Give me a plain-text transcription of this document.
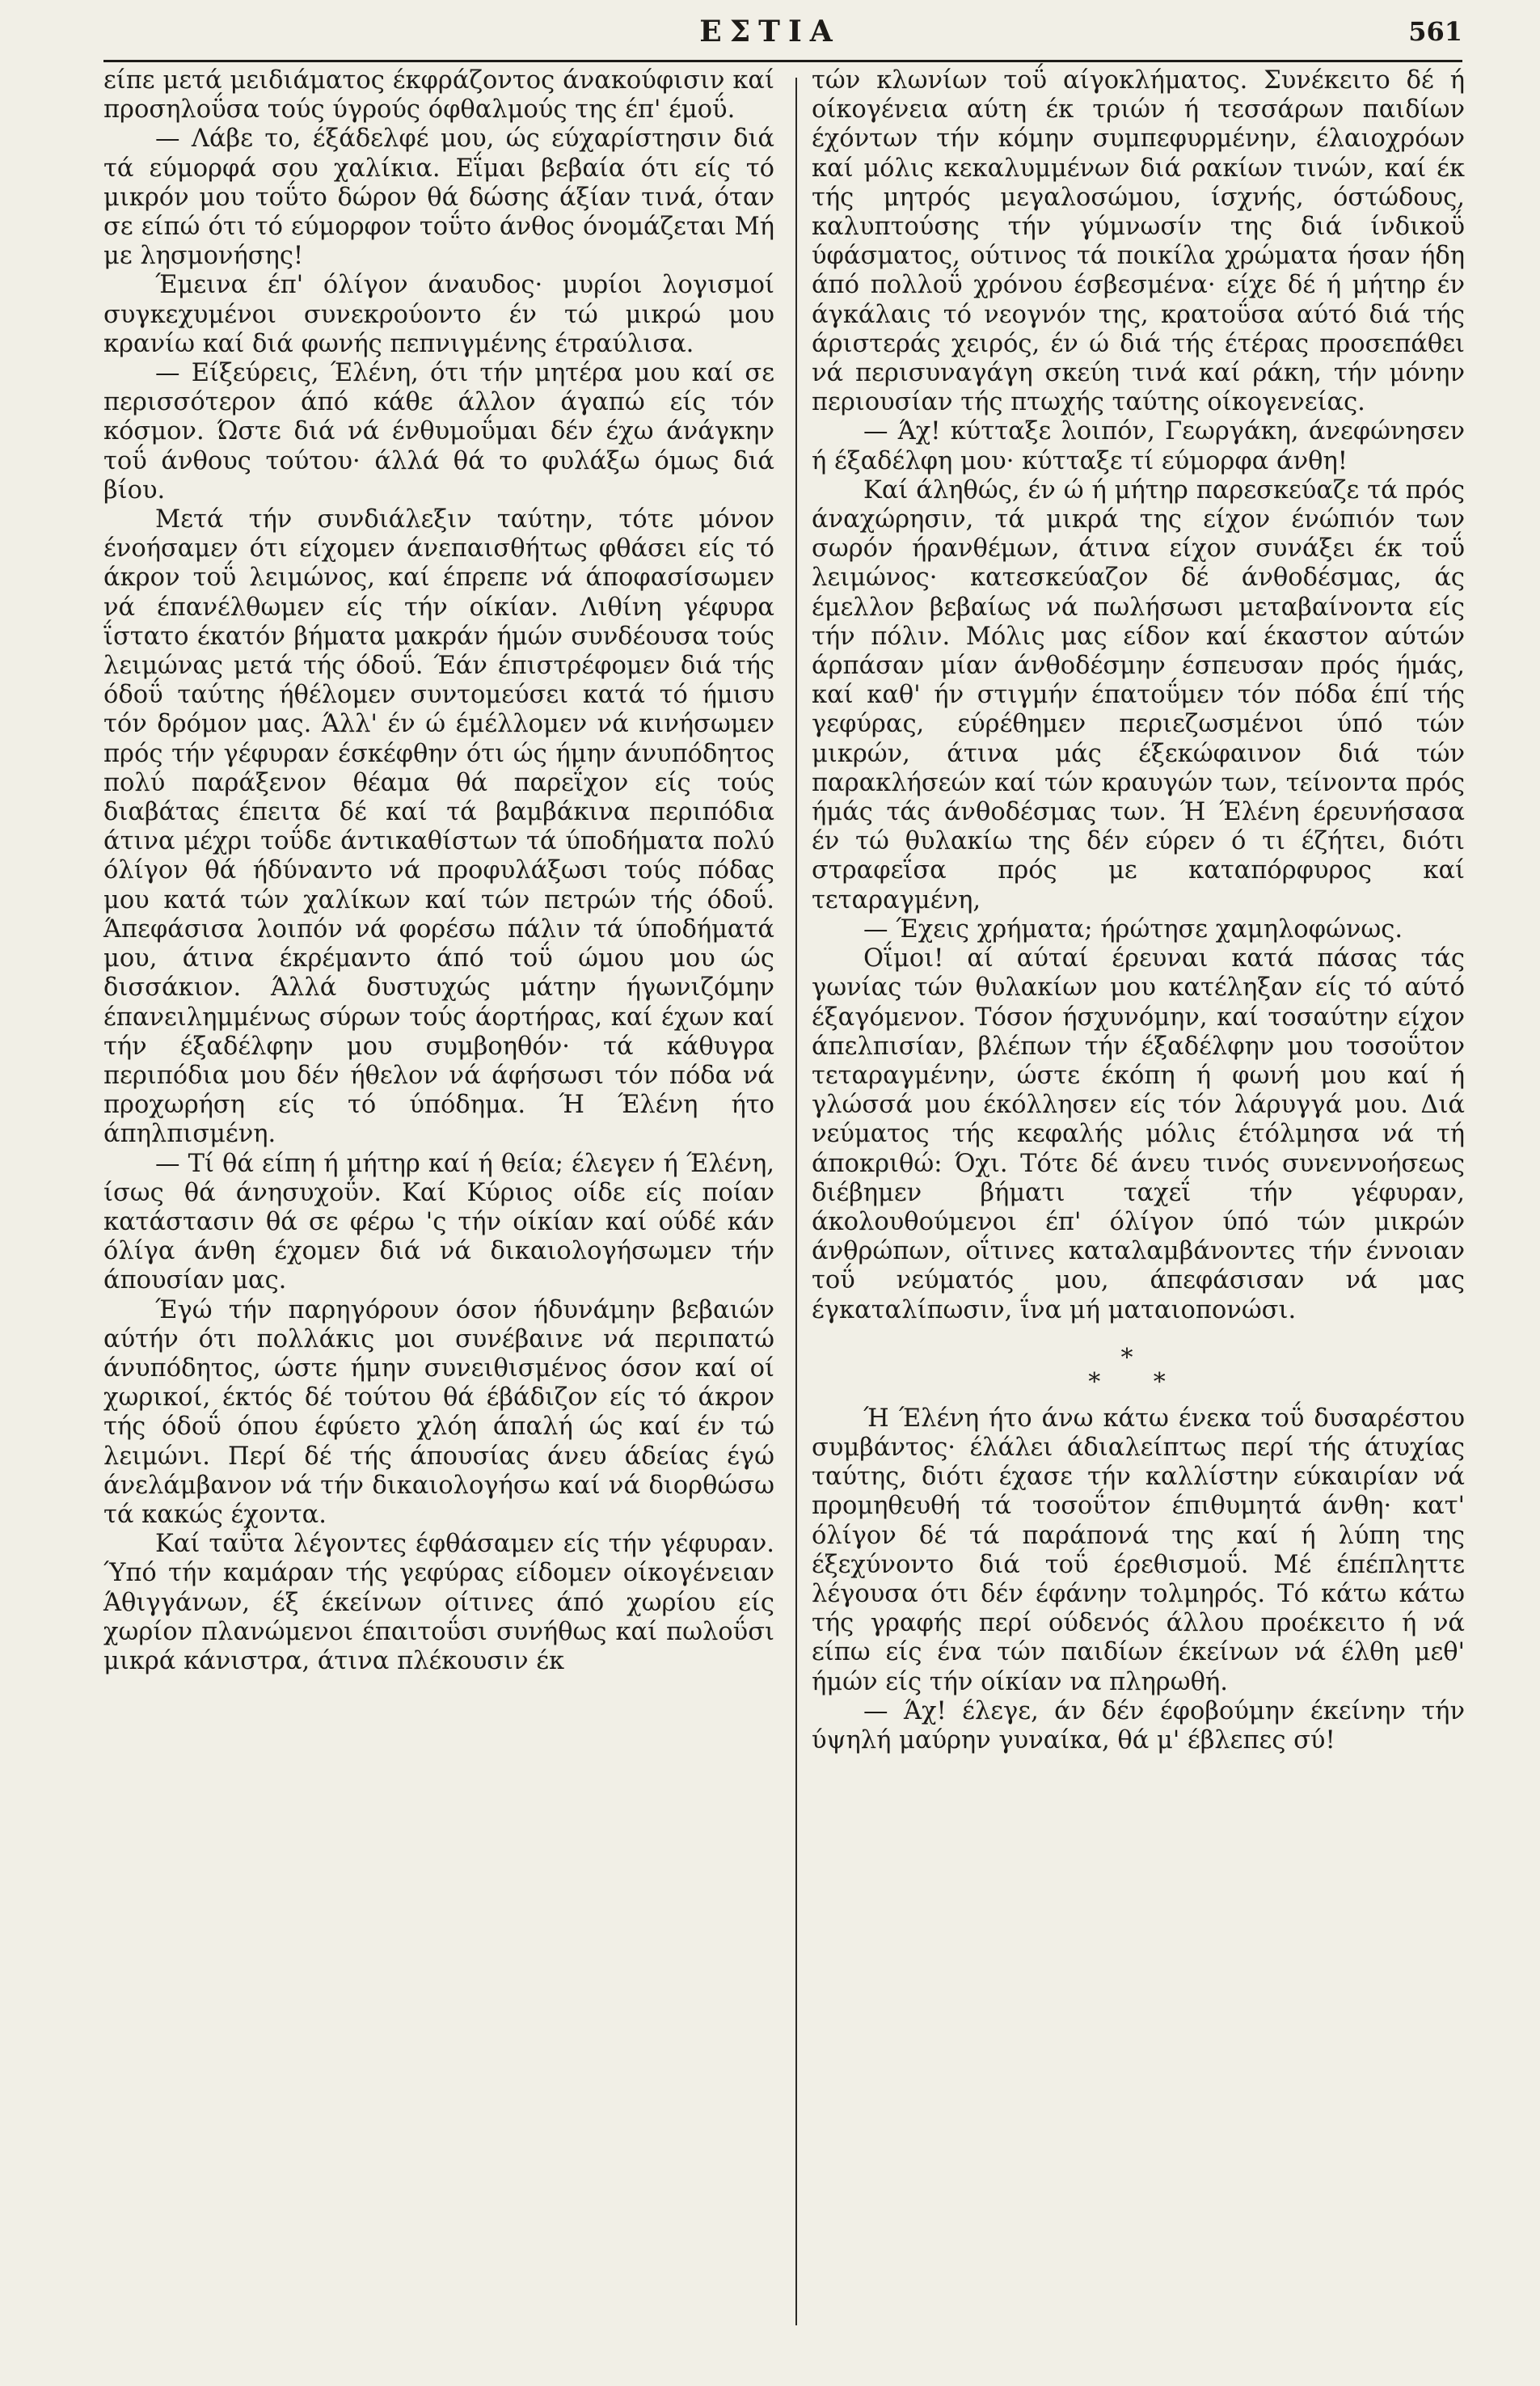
ΕΣΤΙΑ	561

είπε μετά μειδιάματος έκφράζοντος άνακούφισιν καί προσηλοΰσα τούς ύγρούς όφθαλμούς της έπ' έμοΰ.

— Λάβε το, έξάδελφέ μου, ώς εύχαρίστησιν διά τά εύμορφά σου χαλίκια. Εΐμαι βεβαία ότι είς τό μικρόν μου τοΰτο δώρον θά δώσης άξίαν τινά, όταν σε είπώ ότι τό εύμορφον τοΰτο άνθος όνομάζεται Μή με λησμονήσης!

Έμεινα έπ' όλίγον άναυδος· μυρίοι λογισμοί συγκεχυμένοι συνεκρούοντο έν τώ μικρώ μου κρανίω καί διά φωνής πεπνιγμένης έτραύλισα.

— Είξεύρεις, Έλένη, ότι τήν μητέρα μου καί σε περισσότερον άπό κάθε άλλον άγαπώ είς τόν κόσμον. Ώστε διά νά ένθυμοΰμαι δέν έχω άνάγκην τοΰ άνθους τούτου· άλλά θά το φυλάξω όμως διά βίου.

Μετά τήν συνδιάλεξιν ταύτην, τότε μόνον ένοήσαμεν ότι είχομεν άνεπαισθήτως φθάσει είς τό άκρον τοΰ λειμώνος, καί έπρεπε νά άποφασίσωμεν νά έπανέλθωμεν είς τήν οίκίαν. Λιθίνη γέφυρα ΐστατο έκατόν βήματα μακράν ήμών συνδέουσα τούς λειμώνας μετά τής όδοΰ. Έάν έπιστρέφομεν διά τής όδοΰ ταύτης ήθέλομεν συντομεύσει κατά τό ήμισυ τόν δρόμον μας. Άλλ' έν ώ έμέλλομεν νά κινήσωμεν πρός τήν γέφυραν έσκέφθην ότι ώς ήμην άνυπόδητος πολύ παράξενον θέαμα θά παρεΐχον είς τούς διαβάτας έπειτα δέ καί τά βαμβάκινα περιπόδια άτινα μέχρι τοΰδε άντικαθίστων τά ύποδήματα πολύ όλίγον θά ήδύναντο νά προφυλάξωσι τούς πόδας μου κατά τών χαλίκων καί τών πετρών τής όδοΰ. Άπεφάσισα λοιπόν νά φορέσω πάλιν τά ύποδήματά μου, άτινα έκρέμαντο άπό τοΰ ώμου μου ώς δισσάκιον. Άλλά δυστυχώς μάτην ήγωνιζόμην έπανειλημμένως σύρων τούς άορτήρας, καί έχων καί τήν έξαδέλφην μου συμβοηθόν· τά κάθυγρα περιπόδια μου δέν ήθελον νά άφήσωσι τόν πόδα νά προχωρήση είς τό ύπόδημα. Ή Έλένη ήτο άπηλπισμένη.

— Τί θά είπη ή μήτηρ καί ή θεία; έλεγεν ή Έλένη, ίσως θά άνησυχοΰν. Καί Κύριος οίδε είς ποίαν κατάστασιν θά σε φέρω 'ς τήν οίκίαν καί ούδέ κάν όλίγα άνθη έχομεν διά νά δικαιολογήσωμεν τήν άπουσίαν μας.

Έγώ τήν παρηγόρουν όσον ήδυνάμην βεβαιών αύτήν ότι πολλάκις μοι συνέβαινε νά περιπατώ άνυπόδητος, ώστε ήμην συνειθισμένος όσον καί οί χωρικοί, έκτός δέ τούτου θά έβάδιζον είς τό άκρον τής όδοΰ όπου έφύετο χλόη άπαλή ώς καί έν τώ λειμώνι. Περί δέ τής άπουσίας άνευ άδείας έγώ άνελάμβανον νά τήν δικαιολογήσω καί νά διορθώσω τά κακώς έχοντα.

Καί ταΰτα λέγοντες έφθάσαμεν είς τήν γέφυραν. Ύπό τήν καμάραν τής γεφύρας είδομεν οίκογένειαν Άθιγγάνων, έξ έκείνων οίτινες άπό χωρίου είς χωρίον πλανώμενοι έπαιτοΰσι συνήθως καί πωλοΰσι μικρά κάνιστρα, άτινα πλέκουσιν έκ

τών κλωνίων τοΰ αίγοκλήματος. Συνέκειτο δέ ή οίκογένεια αύτη έκ τριών ή τεσσάρων παιδίων έχόντων τήν κόμην συμπεφυρμένην, έλαιοχρόων καί μόλις κεκαλυμμένων διά ρακίων τινών, καί έκ τής μητρός μεγαλοσώμου, ίσχνής, όστώδους, καλυπτούσης τήν γύμνωσίν της διά ίνδικοΰ ύφάσματος, ούτινος τά ποικίλα χρώματα ήσαν ήδη άπό πολλοΰ χρόνου έσβεσμένα· είχε δέ ή μήτηρ έν άγκάλαις τό νεογνόν της, κρατοΰσα αύτό διά τής άριστεράς χειρός, έν ώ διά τής έτέρας προσεπάθει νά περισυναγάγη σκεύη τινά καί ράκη, τήν μόνην περιουσίαν τής πτωχής ταύτης οίκογενείας.

— Άχ! κύτταξε λοιπόν, Γεωργάκη, άνεφώνησεν ή έξαδέλφη μου· κύτταξε τί εύμορφα άνθη!

Καί άληθώς, έν ώ ή μήτηρ παρεσκεύαζε τά πρός άναχώρησιν, τά μικρά της είχον ένώπιόν των σωρόν ήρανθέμων, άτινα είχον συνάξει έκ τοΰ λειμώνος· κατεσκεύαζον δέ άνθοδέσμας, άς έμελλον βεβαίως νά πωλήσωσι μεταβαίνοντα είς τήν πόλιν. Μόλις μας είδον καί έκαστον αύτών άρπάσαν μίαν άνθοδέσμην έσπευσαν πρός ήμάς, καί καθ' ήν στιγμήν έπατοΰμεν τόν πόδα έπί τής γεφύρας, εύρέθημεν περιεζωσμένοι ύπό τών μικρών, άτινα μάς έξεκώφαινον διά τών παρακλήσεών καί τών κραυγών των, τείνοντα πρός ήμάς τάς άνθοδέσμας των. Ή Έλένη έρευνήσασα έν τώ θυλακίω της δέν εύρεν ό τι έζήτει, διότι στραφεΐσα πρός με καταπόρφυρος καί τεταραγμένη,

— Έχεις χρήματα; ήρώτησε χαμηλοφώνως.

Οΐμοι! αί αύταί έρευναι κατά πάσας τάς γωνίας τών θυλακίων μου κατέληξαν είς τό αύτό έξαγόμενον. Τόσον ήσχυνόμην, καί τοσαύτην είχον άπελπισίαν, βλέπων τήν έξαδέλφην μου τοσοΰτον τεταραγμένην, ώστε έκόπη ή φωνή μου καί ή γλώσσά μου έκόλλησεν είς τόν λάρυγγά μου. Διά νεύματος τής κεφαλής μόλις έτόλμησα νά τή άποκριθώ: Όχι. Τότε δέ άνευ τινός συνεννοήσεως διέβημεν βήματι ταχεΐ τήν γέφυραν, άκολουθούμενοι έπ' όλίγον ύπό τών μικρών άνθρώπων, οΐτινες καταλαμβάνοντες τήν έννοιαν τοΰ νεύματός μου, άπεφάσισαν νά μας έγκαταλίπωσιν, ΐνα μή ματαιοπονώσι.

*
* *

Ή Έλένη ήτο άνω κάτω ένεκα τοΰ δυσαρέστου συμβάντος· έλάλει άδιαλείπτως περί τής άτυχίας ταύτης, διότι έχασε τήν καλλίστην εύκαιρίαν νά προμηθευθή τά τοσοΰτον έπιθυμητά άνθη· κατ' όλίγον δέ τά παράπονά της καί ή λύπη της έξεχύνοντο διά τοΰ έρεθισμοΰ. Μέ έπέπληττε λέγουσα ότι δέν έφάνην τολμηρός. Τό κάτω κάτω τής γραφής περί ούδενός άλλου προέκειτο ή νά είπω είς ένα τών παιδίων έκείνων νά έλθη μεθ' ήμών είς τήν οίκίαν να πληρωθή.

— Άχ! έλεγε, άν δέν έφοβούμην έκείνην τήν ύψηλή μαύρην γυναίκα, θά μ' έβλεπες σύ!
